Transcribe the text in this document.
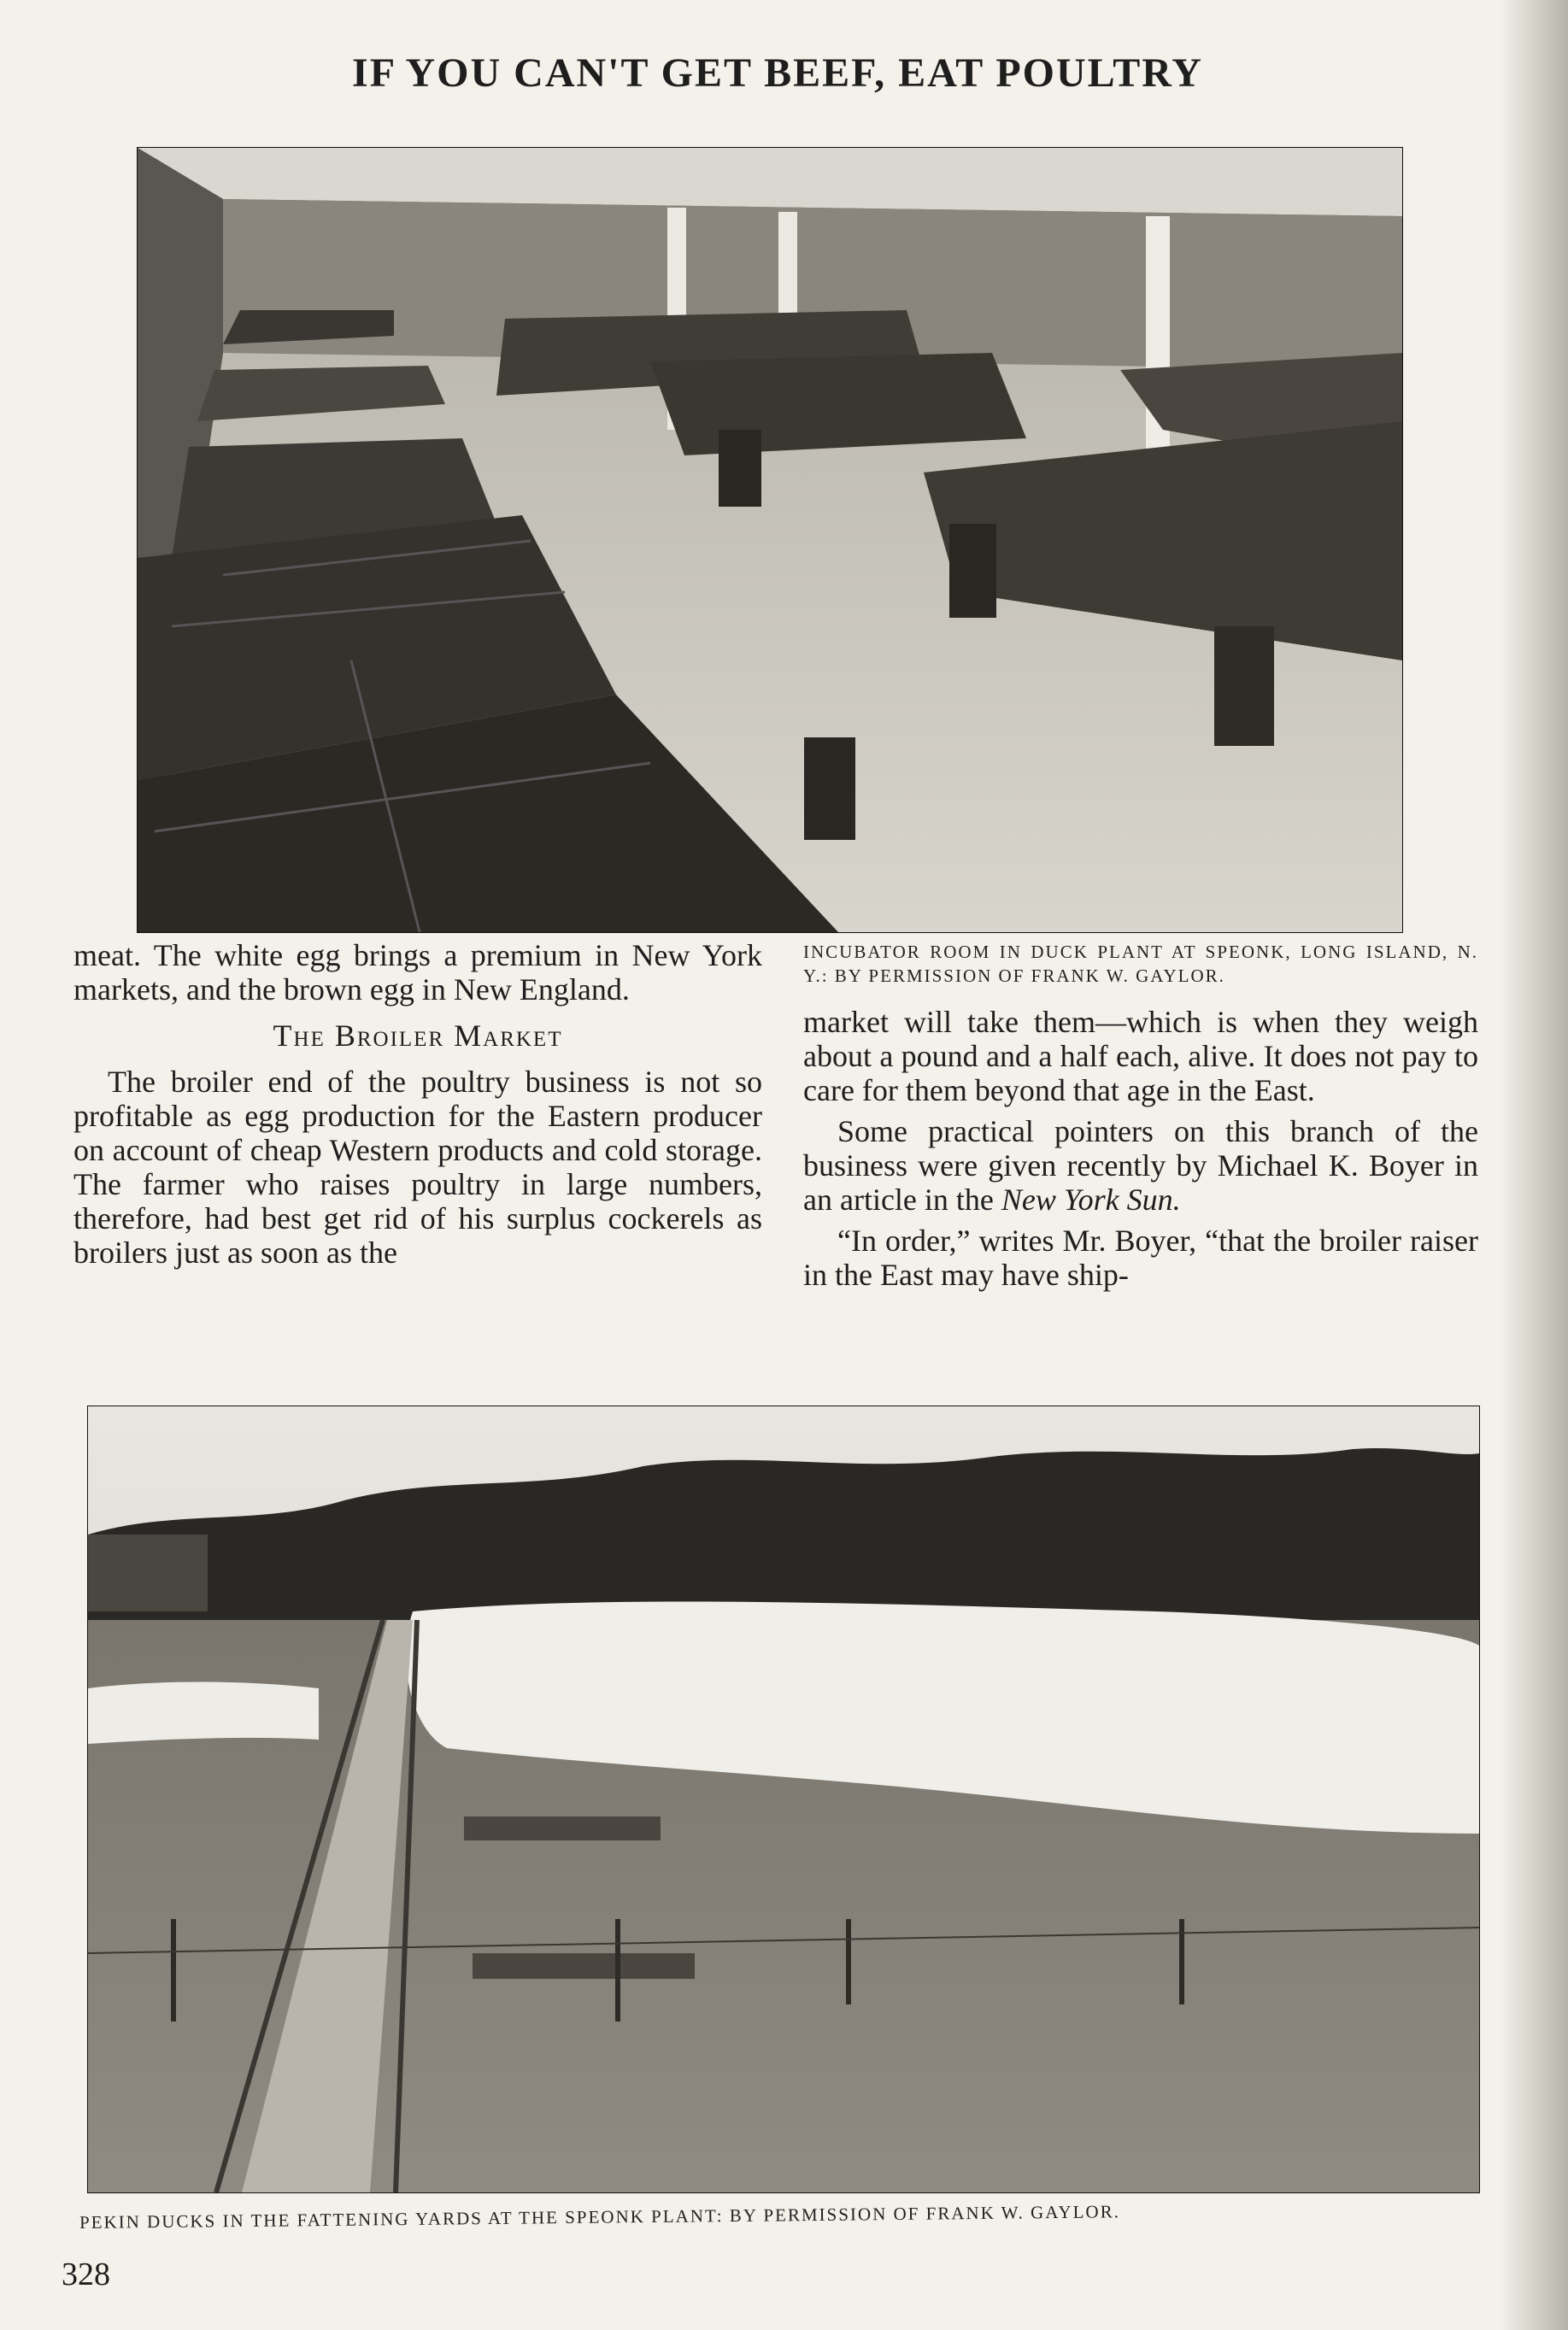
IF YOU CAN'T GET BEEF, EAT POULTRY
INCUBATOR ROOM IN DUCK PLANT AT SPEONK, LONG ISLAND, N. Y.: BY PERMISSION OF FRANK W. GAYLOR.

meat. The white egg brings a premium in New York markets, and the brown egg in New England.

The Broiler Market

The broiler end of the poultry business is not so profitable as egg production for the Eastern producer on account of cheap Western products and cold storage. The farmer who raises poultry in large numbers, therefore, had best get rid of his surplus cockerels as broilers just as soon as the

market will take them—which is when they weigh about a pound and a half each, alive. It does not pay to care for them beyond that age in the East.

Some practical pointers on this branch of the business were given recently by Michael K. Boyer in an article in the New York Sun.

“In order,” writes Mr. Boyer, “that the broiler raiser in the East may have ship-

PEKIN DUCKS IN THE FATTENING YARDS AT THE SPEONK PLANT: BY PERMISSION OF FRANK W. GAYLOR.
328
